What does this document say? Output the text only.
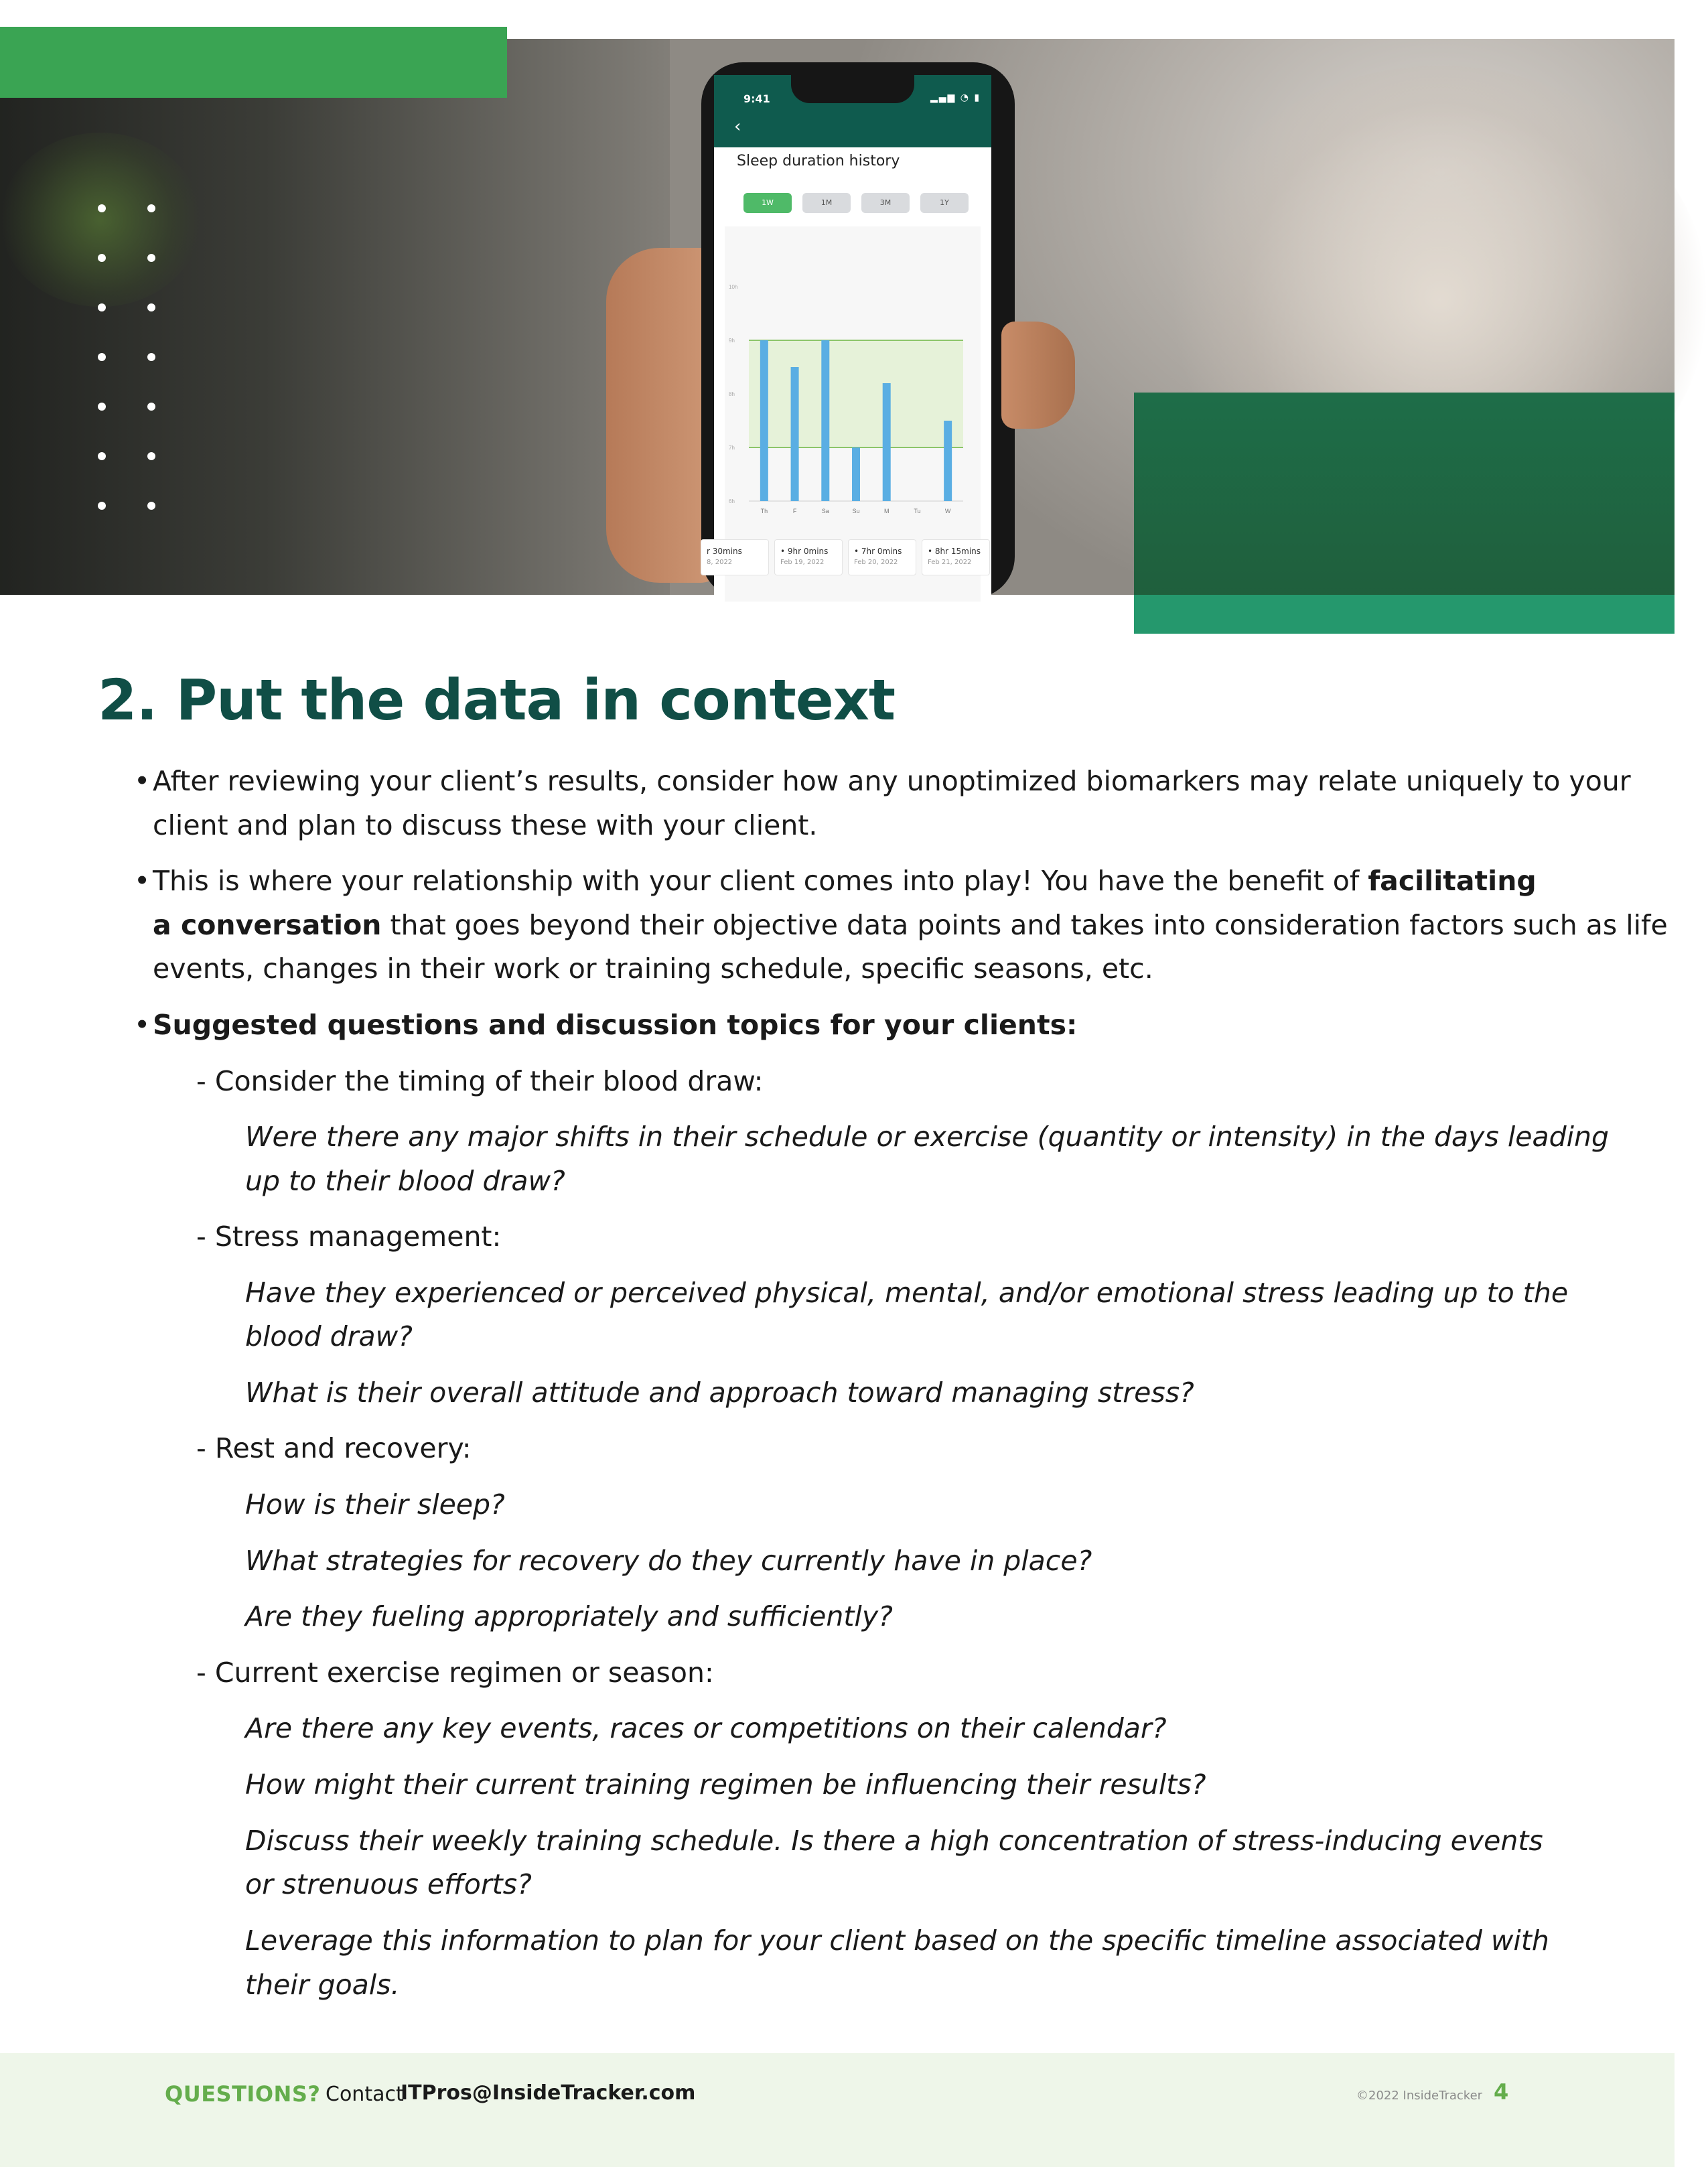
9:41	▂▄▆ ◔ ▮
‹
Sleep duration history
1W	1M	3M	1Y
10h
9h
8h
7h
6h
Th	F	Sa	Su	M	Tu	W
r 30mins
8, 2022
• 9hr 0mins
Feb 19, 2022
• 7hr 0mins
Feb 20, 2022
• 8hr 15mins
Feb 21, 2022
2. Put the data in context
• After reviewing your client’s results, consider how any unoptimized biomarkers may relate uniquely to your
client and plan to discuss these with your client.
• This is where your relationship with your client comes into play! You have the benefit of facilitating
a conversation that goes beyond their objective data points and takes into consideration factors such as life
events, changes in their work or training schedule, specific seasons, etc.
• Suggested questions and discussion topics for your clients:
- Consider the timing of their blood draw:
Were there any major shifts in their schedule or exercise (quantity or intensity) in the days leading
up to their blood draw?
- Stress management:
Have they experienced or perceived physical, mental, and/or emotional stress leading up to the
blood draw?
What is their overall attitude and approach toward managing stress?
- Rest and recovery:
How is their sleep?
What strategies for recovery do they currently have in place?
Are they fueling appropriately and sufficiently?
- Current exercise regimen or season:
Are there any key events, races or competitions on their calendar?
How might their current training regimen be influencing their results?
Discuss their weekly training schedule. Is there a high concentration of stress-inducing events
or strenuous efforts?
Leverage this information to plan for your client based on the specific timeline associated with
their goals.
QUESTIONS? Contact
ITPros@InsideTracker.com	©2022 InsideTracker 4
